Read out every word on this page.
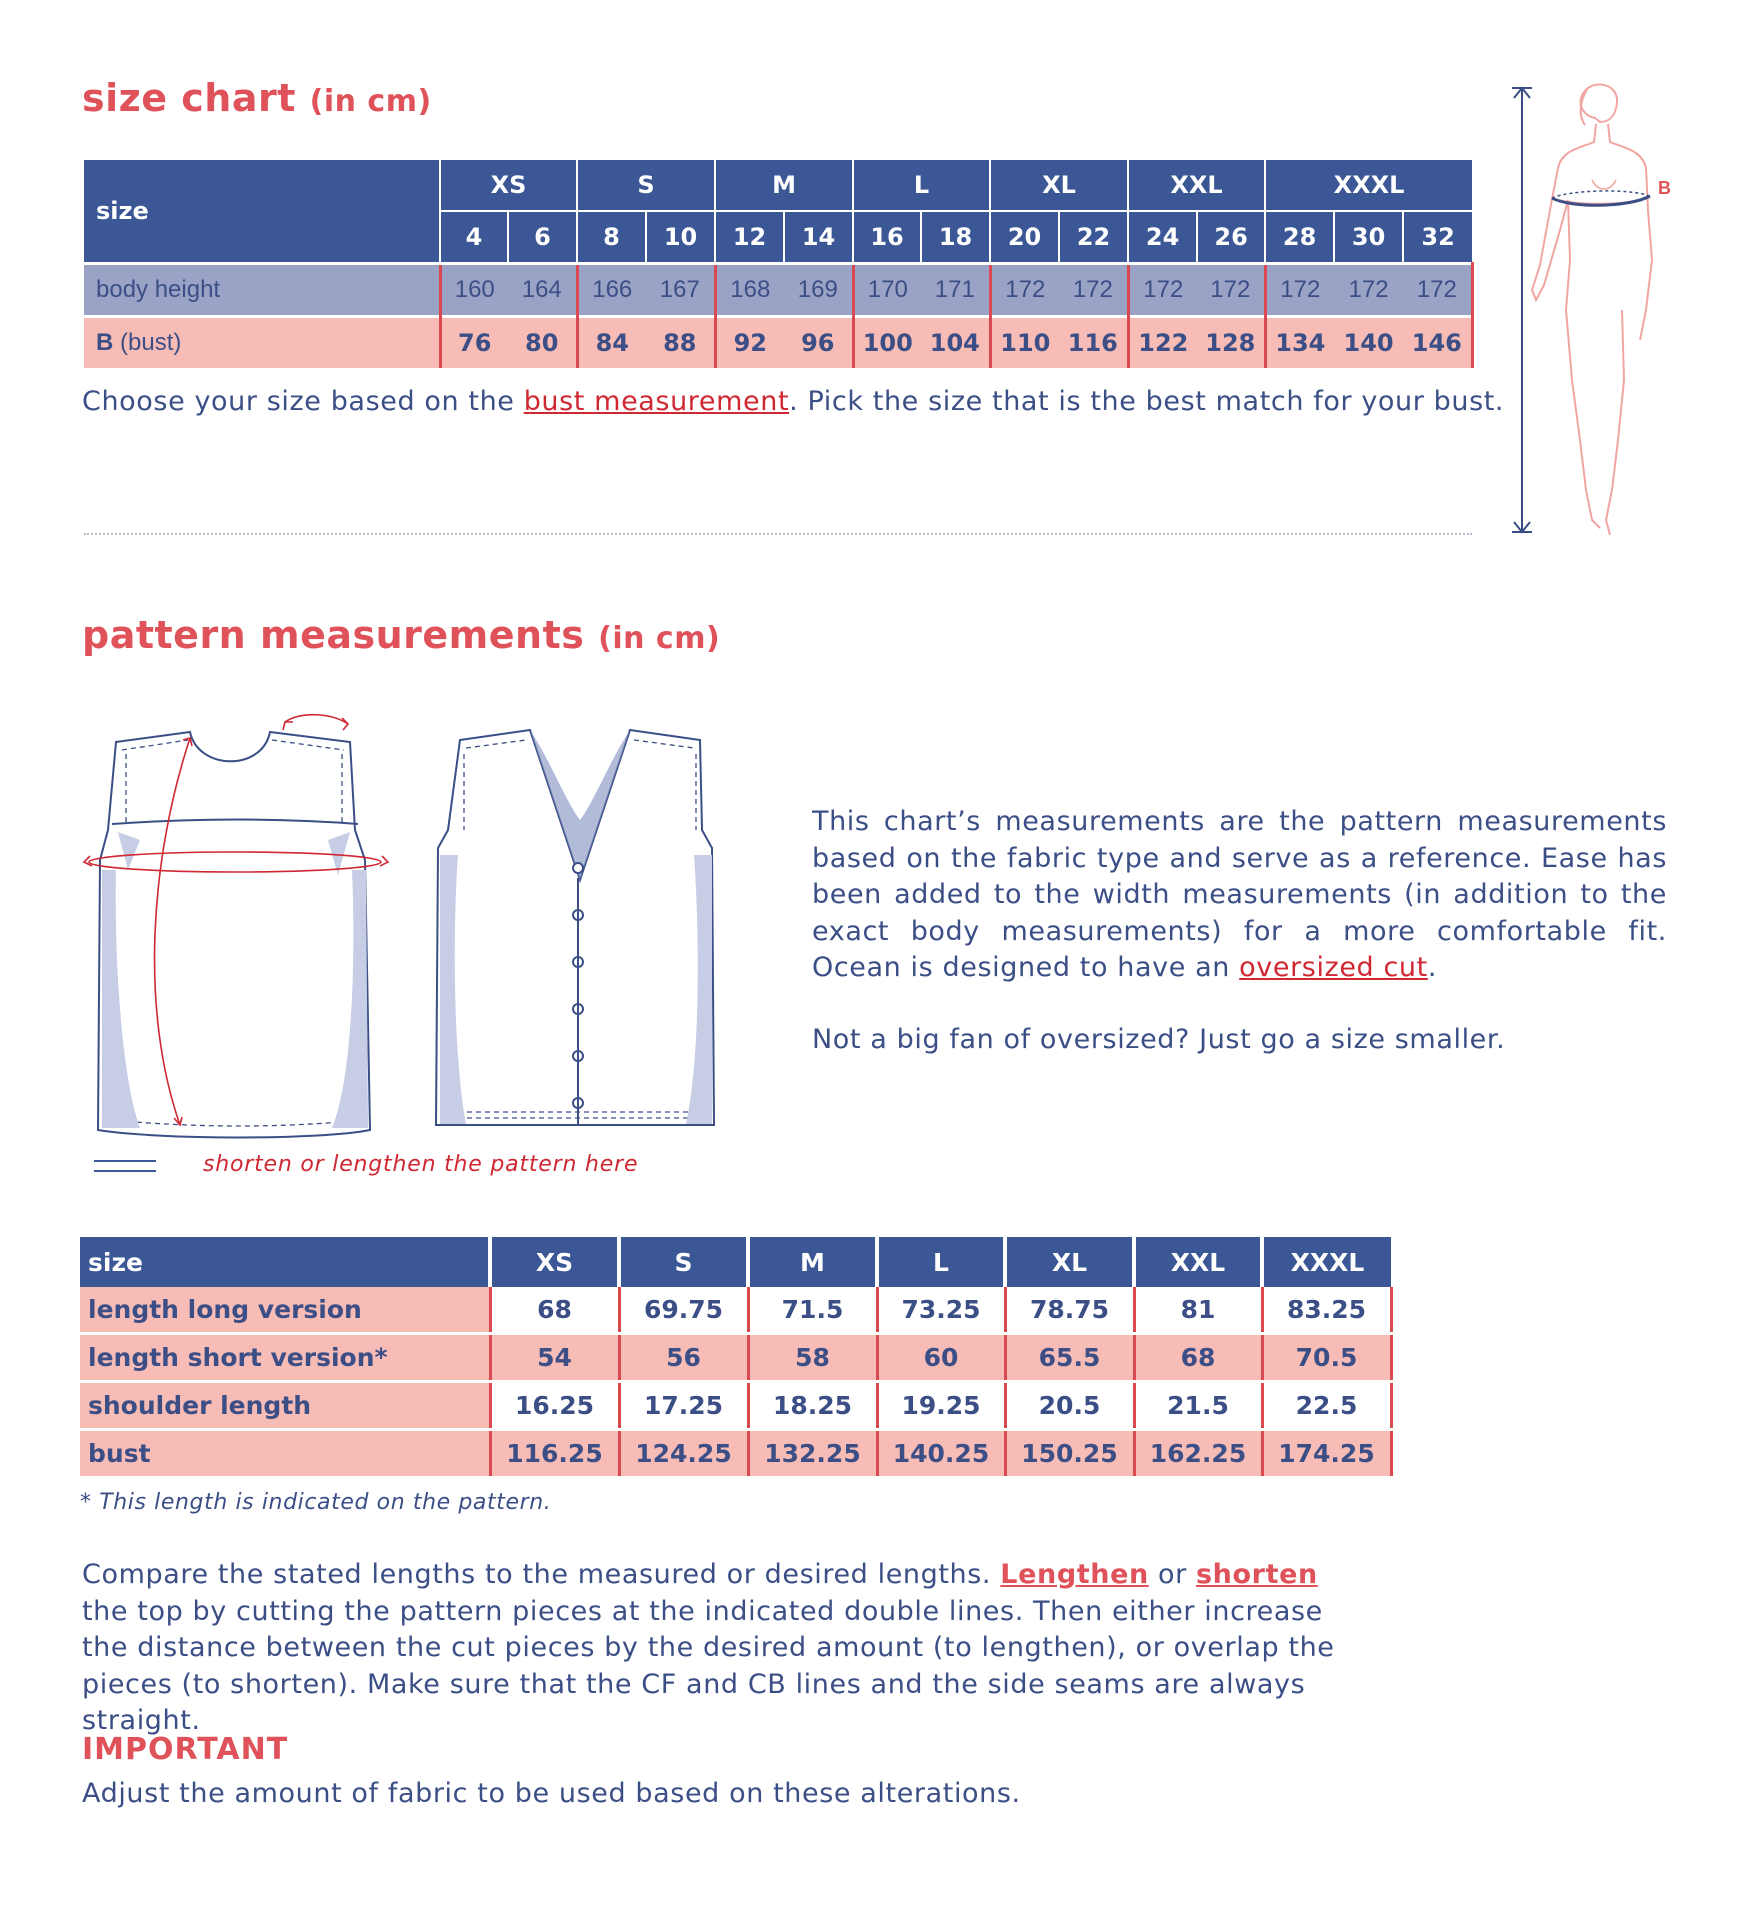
size chart (in cm)
size	XS		S		M		L		XL		XXL		XXXL		
	4	6	8	10	12	14	16	18	20	22	24	26	28	30	32
body height	160	164	166	167	168	169	170	171	172	172	172	172	172	172	172
B (bust)	76	80	84	88	92	96	100	104	110	116	122	128	134	140	146
Choose your size based on the bust measurement. Pick the size that is the best match for your bust.
B
pattern measurements (in cm)
shorten or lengthen the pattern here
This chart’s measurements are the pattern measurements based on the fabric type and serve as a reference. Ease has been added to the width measurements (in addition to the exact body measurements) for a more comfortable fit. Ocean is designed to have an oversized cut.
Not a big fan of oversized? Just go a size smaller.
size	XS	S	M	L	XL	XXL	XXXL
length long version	68	69.75	71.5	73.25	78.75	81	83.25
length short version*	54	56	58	60	65.5	68	70.5
shoulder length	16.25	17.25	18.25	19.25	20.5	21.5	22.5
bust	116.25	124.25	132.25	140.25	150.25	162.25	174.25
* This length is indicated on the pattern.
Compare the stated lengths to the measured or desired lengths. Lengthen or shorten the top by cutting the pattern pieces at the indicated double lines. Then either increase the distance between the cut pieces by the desired amount (to lengthen), or overlap the pieces (to shorten). Make sure that the CF and CB lines and the side seams are always straight.
IMPORTANT
Adjust the amount of fabric to be used based on these alterations.
